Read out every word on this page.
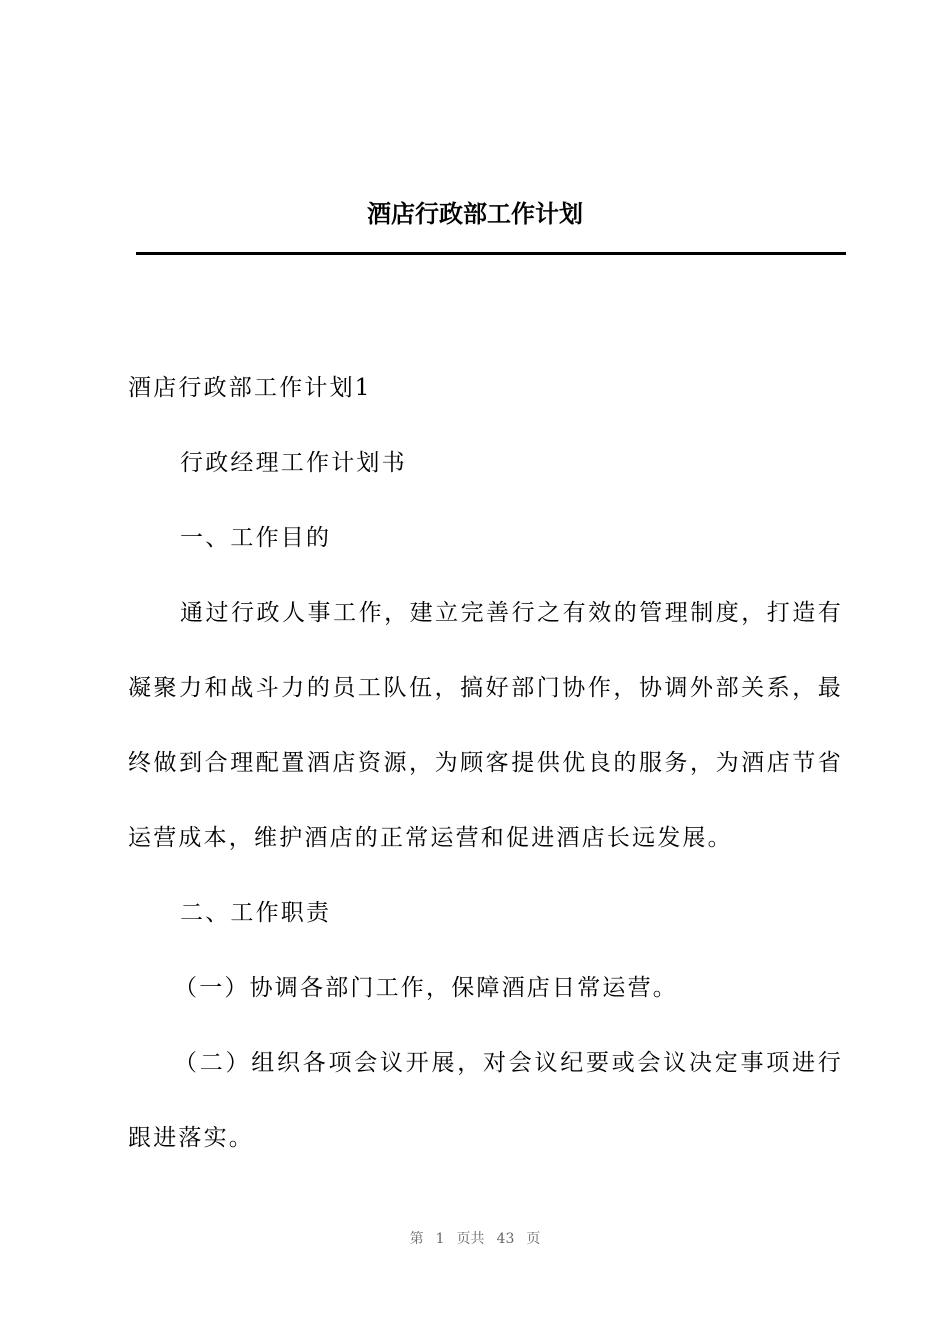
酒店行政部工作计划

酒店行政部工作计划1

行政经理工作计划书

一、工作目的

通过行政人事工作，建立完善行之有效的管理制度，打造有凝聚力和战斗力的员工队伍，搞好部门协作，协调外部关系，最终做到合理配置酒店资源，为顾客提供优良的服务，为酒店节省运营成本，维护酒店的正常运营和促进酒店长远发展。

二、工作职责

（一）协调各部门工作，保障酒店日常运营。

（二）组织各项会议开展，对会议纪要或会议决定事项进行跟进落实。

第 1 页共 43 页
